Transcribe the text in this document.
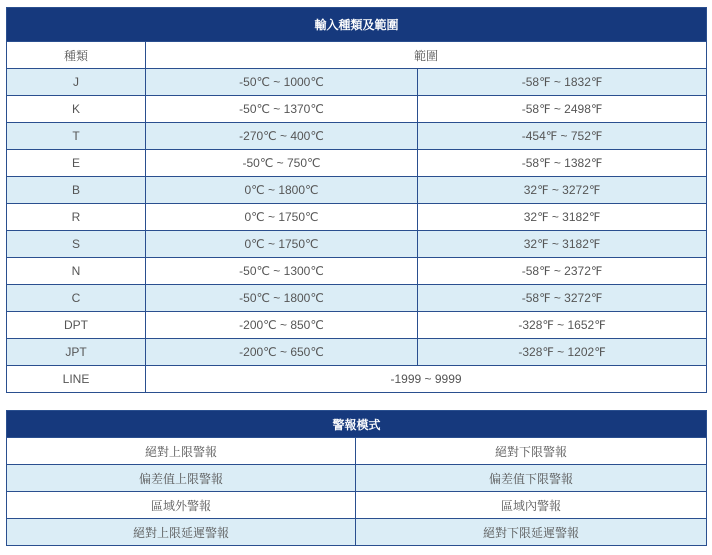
輸入種類及範圍		
種類	範圍	
J	-50℃ ~ 1000℃	-58℉ ~ 1832℉
K	-50℃ ~ 1370℃	-58℉ ~ 2498℉
T	-270℃ ~ 400℃	-454℉ ~ 752℉
E	-50℃ ~ 750℃	-58℉ ~ 1382℉
B	0℃ ~ 1800℃	32℉ ~ 3272℉
R	0℃ ~ 1750℃	32℉ ~ 3182℉
S	0℃ ~ 1750℃	32℉ ~ 3182℉
N	-50℃ ~ 1300℃	-58℉ ~ 2372℉
C	-50℃ ~ 1800℃	-58℉ ~ 3272℉
DPT	-200℃ ~ 850℃	-328℉ ~ 1652℉
JPT	-200℃ ~ 650℃	-328℉ ~ 1202℉
LINE	-1999 ~ 9999	
警報模式	
絕對上限警報	絕對下限警報
偏差值上限警報	偏差值下限警報
區域外警報	區域內警報
絕對上限延遲警報	絕對下限延遲警報
